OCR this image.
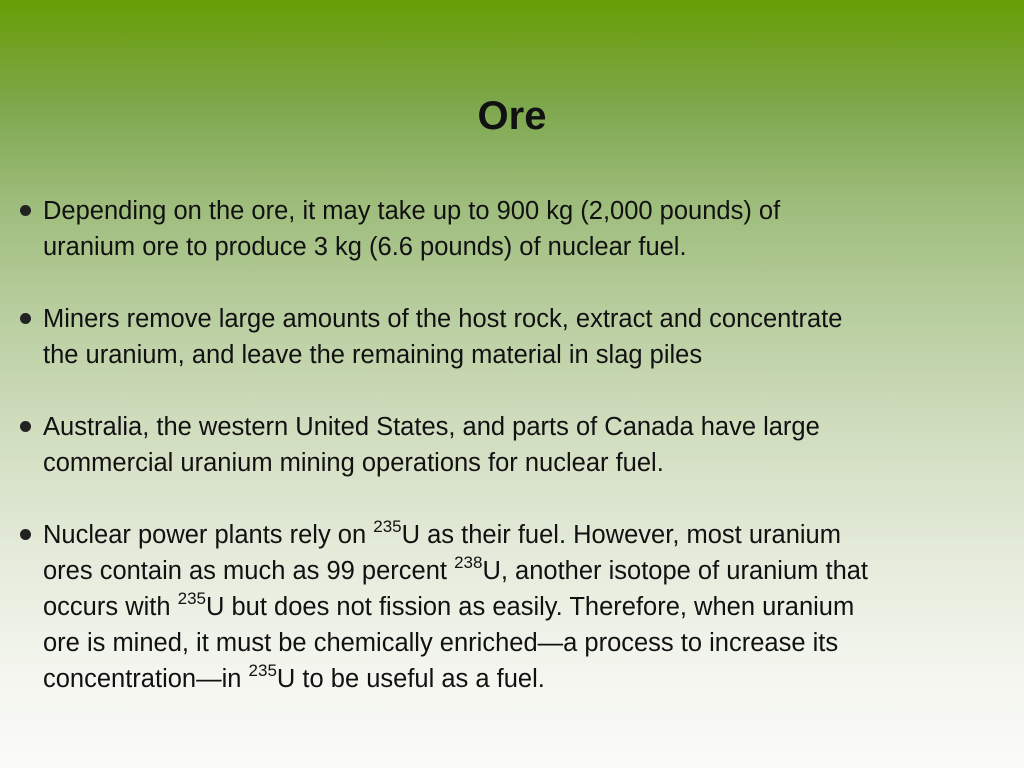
Ore
Depending on the ore, it may take up to 900 kg (2,000 pounds) of
uranium ore to produce 3 kg (6.6 pounds) of nuclear fuel.
Miners remove large amounts of the host rock, extract and concentrate
the uranium, and leave the remaining material in slag piles
Australia, the western United States, and parts of Canada have large
commercial uranium mining operations for nuclear fuel.
Nuclear power plants rely on $^{235}$U as their fuel. However, most uranium
ores contain as much as 99 percent $^{238}$U, another isotope of uranium that
occurs with $^{235}$U but does not fission as easily. Therefore, when uranium
ore is mined, it must be chemically enriched—a process to increase its
concentration—in $^{235}$U to be useful as a fuel.
